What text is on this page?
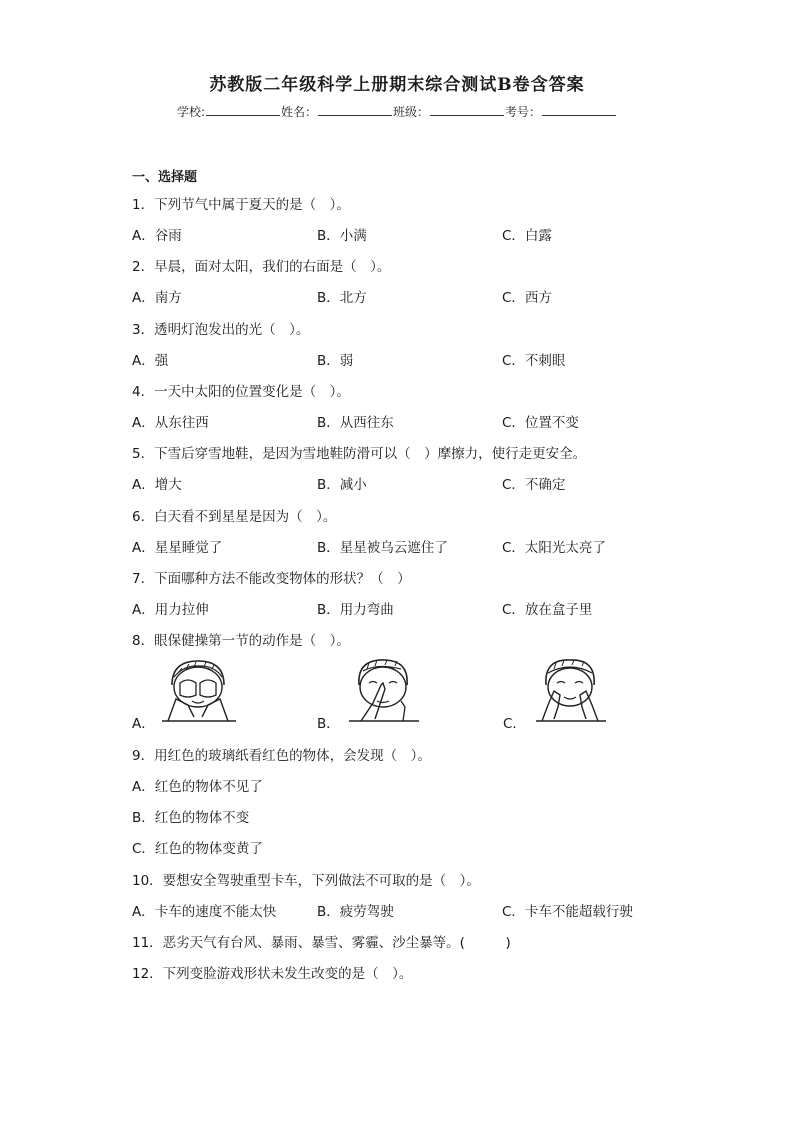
苏教版二年级科学上册期末综合测试B卷含答案
学校:	姓名：	班级：	考号：
一、选择题
1．下列节气中属于夏天的是（　）。
A．谷雨	B．小满	C．白露
2．早晨，面对太阳，我们的右面是（　）。
A．南方	B．北方	C．西方
3．透明灯泡发出的光（　）。
A．强	B．弱	C．不刺眼
4．一天中太阳的位置变化是（　）。
A．从东往西	B．从西往东	C．位置不变
5．下雪后穿雪地鞋，是因为雪地鞋防滑可以（　）摩擦力，使行走更安全。
A．增大	B．减小	C．不确定
6．白天看不到星星是因为（　）。
A．星星睡觉了	B．星星被乌云遮住了	C．太阳光太亮了
7．下面哪种方法不能改变物体的形状？（　）
A．用力拉伸	B．用力弯曲	C．放在盒子里
8．眼保健操第一节的动作是（　）。
A．	B．	C．
9．用红色的玻璃纸看红色的物体，会发现（　）。
A．红色的物体不见了
B．红色的物体不变
C．红色的物体变黄了
10．要想安全驾驶重型卡车，下列做法不可取的是（　）。
A．卡车的速度不能太快	B．疲劳驾驶	C．卡车不能超载行驶
11．恶劣天气有台风、暴雨、暴雪、雾霾、沙尘暴等。(　　　)
12．下列变脸游戏形状未发生改变的是（　）。
